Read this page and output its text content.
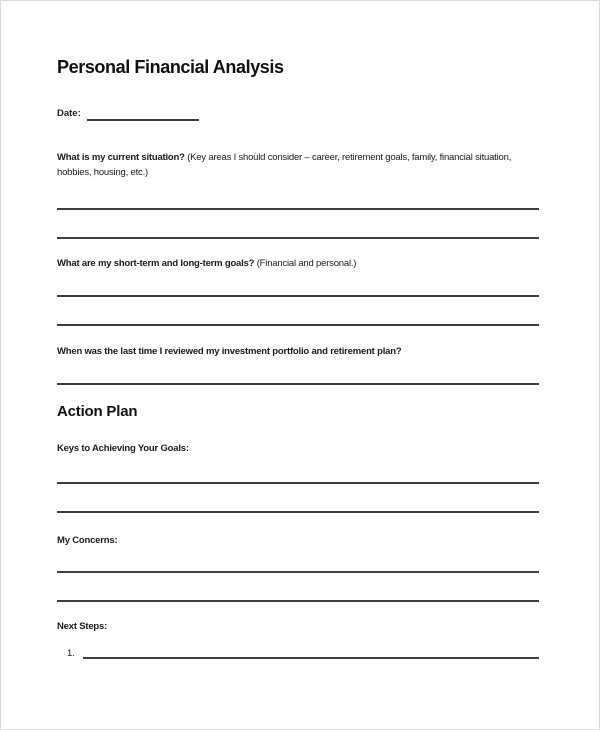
Personal Financial Analysis
Date:

What is my current situation? (Key areas I should consider – career, retirement goals, family, financial situation, hobbies, housing, etc.)

What are my short-term and long-term goals? (Financial and personal.)

When was the last time I reviewed my investment portfolio and retirement plan?

Action Plan

Keys to Achieving Your Goals:

My Concerns:

Next Steps:

1.
